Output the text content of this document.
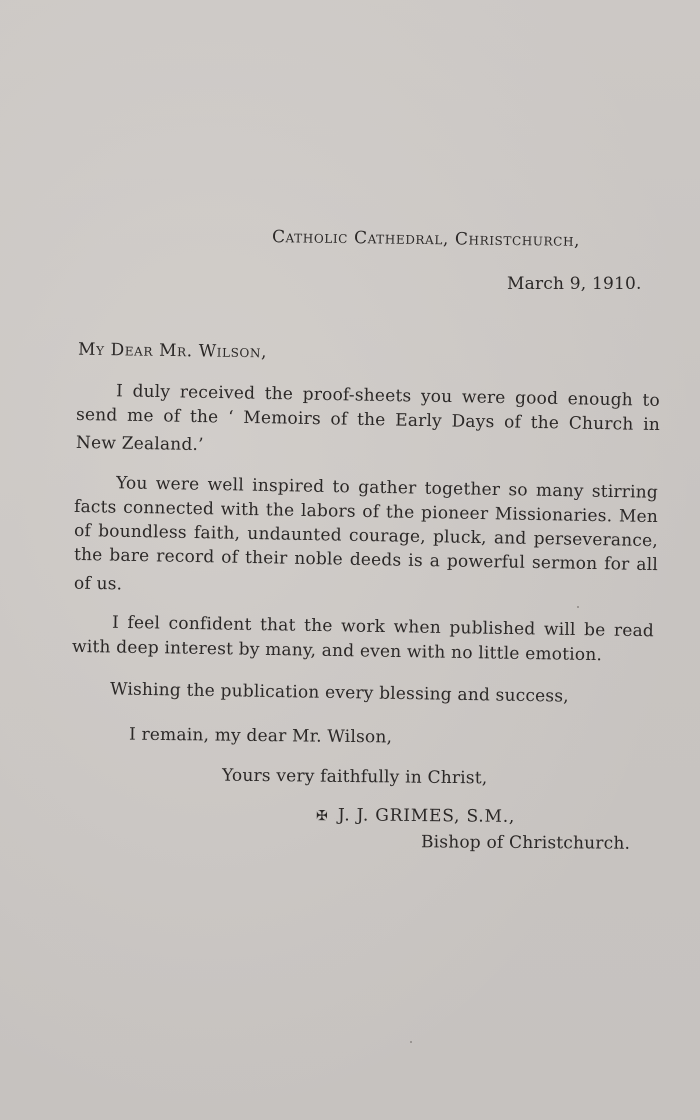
Catholic Cathedral, Christchurch,
March 9, 1910.
My Dear Mr. Wilson,
I duly received the proof-sheets you were good enough to
send me of the ‘ Memoirs of the Early Days of the Church in
New Zealand.’
You were well inspired to gather together so many stirring
facts connected with the labors of the pioneer Missionaries. Men
of boundless faith, undaunted courage, pluck, and perseverance,
the bare record of their noble deeds is a powerful sermon for all
of us.
I feel confident that the work when published will be read
with deep interest by many, and even with no little emotion.
Wishing the publication every blessing and success,
I remain, my dear Mr. Wilson,
Yours very faithfully in Christ,
✠ J. J. GRIMES, S.M.,
Bishop of Christchurch.
